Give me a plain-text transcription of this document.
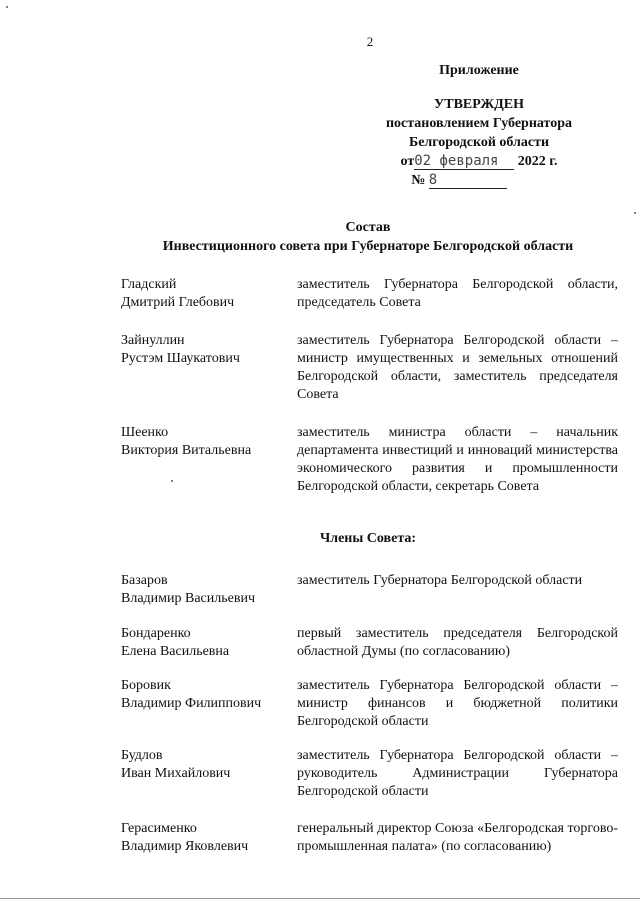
2
Приложение
УТВЕРЖДЕН
постановлением Губернатора
Белгородской области
от02 февраля 2022 г.
№ 8
Состав
Инвестиционного совета при Губернаторе Белгородской области
Гладский
Дмитрий Глебович
заместитель Губернатора Белгородской области, председатель Совета
Зайнуллин
Рустэм Шаукатович
заместитель Губернатора Белгородской области – министр имущественных и земельных отношений Белгородской области, заместитель председателя Совета
Шеенко
Виктория Витальевна
заместитель министра области – начальник департамента инвестиций и инноваций министерства экономического развития и промышленности Белгородской области, секретарь Совета
Члены Совета:
Базаров
Владимир Васильевич
заместитель Губернатора Белгородской области
Бондаренко
Елена Васильевна
первый заместитель председателя Белгородской областной Думы (по согласованию)
Боровик
Владимир Филиппович
заместитель Губернатора Белгородской области – министр финансов и бюджетной политики Белгородской области
Будлов
Иван Михайлович
заместитель Губернатора Белгородской области – руководитель Администрации Губернатора Белгородской области
Герасименко
Владимир Яковлевич
генеральный директор Союза «Белгородская торгово-промышленная палата» (по согласованию)
